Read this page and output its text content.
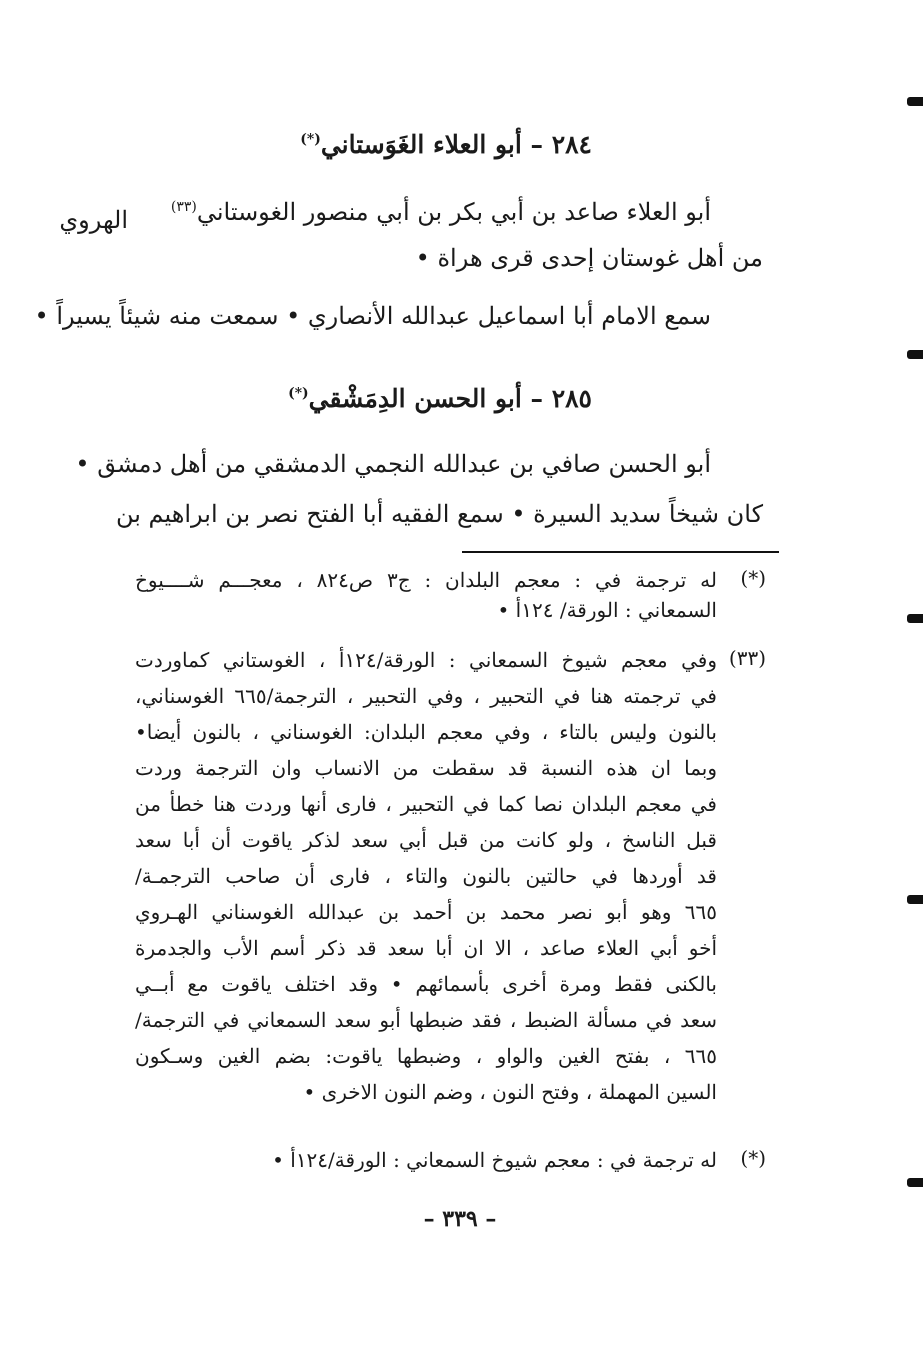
٢٨٤ – أبو العلاء الغَوَستاني(*)
أبو العلاء صاعد بن أبي بكر بن أبي منصور الغوستاني$^{(٣٣)}$
الهروي
من أهل غوستان إحدى قرى هراة •
سمع الامام أبا اسماعيل عبدالله الأنصاري • سمعت منه شيئاً يسيراً •
٢٨٥ – أبو الحسن الدِمَشْقي(*)
أبو الحسن صافي بن عبدالله النجمي الدمشقي من أهل دمشق •
كان شيخاً سديد السيرة • سمع الفقيه أبا الفتح نصر بن ابراهيم بن
(*)
له ترجمة في : معجم البلدان : ج٣ ص٨٢٤ ، معجـــم شــــيوخ
السمعاني : الورقة/ ١٢٤أ •
(٣٣)
وفي معجم شيوخ السمعاني : الورقة/١٢٤أ ، الغوستاني كماوردت
في ترجمته هنا في التحبير ، وفي التحبير ، الترجمة/٦٦٥ الغوسناني،
بالنون وليس بالتاء ، وفي معجم البلدان: الغوسناني ، بالنون أيضا•
وبما ان هذه النسبة قد سقطت من الانساب وان الترجمة وردت
في معجم البلدان نصا كما في التحبير ، فارى أنها وردت هنا خطأ من
قبل الناسخ ، ولو كانت من قبل أبي سعد لذكر ياقوت أن أبا سعد
قد أوردها في حالتين بالنون والتاء ، فارى أن صاحب الترجمـة/
٦٦٥ وهو أبو نصر محمد بن أحمد بن عبدالله الغوسناني الهـروي
أخو أبي العلاء صاعد ، الا ان أبا سعد قد ذكر أسم الأب والجدمرة
بالكنى فقط ومرة أخرى بأسمائهم • وقد اختلف ياقوت مع أبــي
سعد في مسألة الضبط ، فقد ضبطها أبو سعد السمعاني في الترجمة/
٦٦٥ ، بفتح الغين والواو ، وضبطها ياقوت: بضم الغين وسـكون
السين المهملة ، وفتح النون ، وضم النون الاخرى •
(*)
له ترجمة في : معجم شيوخ السمعاني : الورقة/١٢٤أ •
– ٣٣٩ –
